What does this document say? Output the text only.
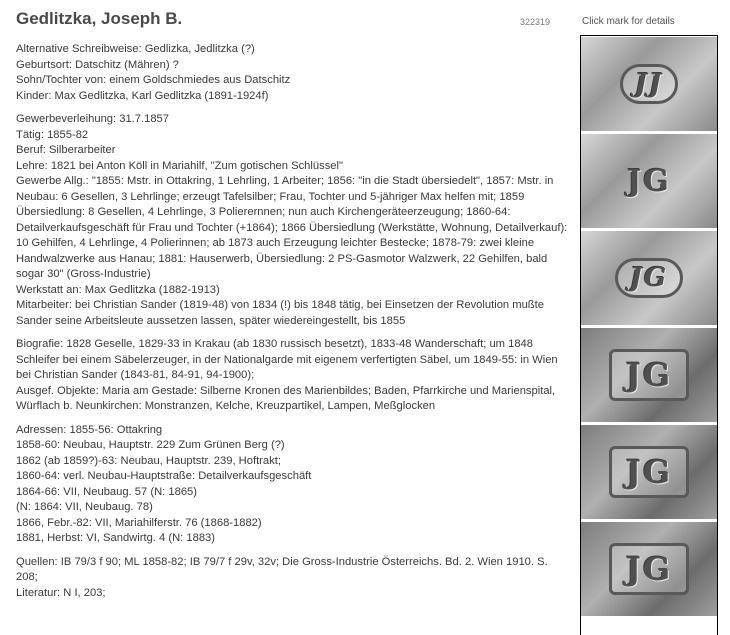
Gedlitzka, Joseph B.	322319	Click mark for details

Alternative Schreibweise: Gedlizka, Jedlitzka (?)

Geburtsort: Datschitz (Mähren) ?

Sohn/Tochter von: einem Goldschmiedes aus Datschitz

Kinder: Max Gedlitzka, Karl Gedlitzka (1891-1924f)

Gewerbeverleihung: 31.7.1857

Tätig: 1855-82

Beruf: Silberarbeiter

Lehre: 1821 bei Anton Köll in Mariahilf, "Zum gotischen Schlüssel"

Gewerbe Allg.: "1855: Mstr. in Ottakring, 1 Lehrling, 1 Arbeiter; 1856: "in die Stadt übersiedelt", 1857: Mstr. in Neubau: 6 Gesellen, 3 Lehrlinge; erzeugt Tafelsilber; Frau, Tochter und 5-jähriger Max helfen mit; 1859 Übersiedlung: 8 Gesellen, 4 Lehrlinge, 3 Polierernnen; nun auch Kirchengeräteerzeugung; 1860-64: Detailverkaufsgeschäft für Frau und Tochter (+1864); 1866 Übersiedlung (Werkstätte, Wohnung, Detailverkauf): 10 Gehilfen, 4 Lehrlinge, 4 Polierinnen; ab 1873 auch Erzeugung leichter Bestecke; 1878-79: zwei kleine Handwalzwerke aus Hanau; 1881: Hauserwerb, Übersiedlung: 2 PS-Gasmotor Walzwerk, 22 Gehilfen, bald sogar 30" (Gross-Industrie)

Werkstatt an: Max Gedlitzka (1882-1913)

Mitarbeiter: bei Christian Sander (1819-48) von 1834 (!) bis 1848 tätig, bei Einsetzen der Revolution mußte Sander seine Arbeitsleute aussetzen lassen, später wiedereingestellt, bis 1855

Biografie: 1828 Geselle, 1829-33 in Krakau (ab 1830 russisch besetzt), 1833-48 Wanderschaft; um 1848 Schleifer bei einem Säbelerzeuger, in der Nationalgarde mit eigenem verfertigten Säbel, um 1849-55: in Wien bei Christian Sander (1843-81, 84-91, 94-1900);

Ausgef. Objekte: Maria am Gestade: Silberne Kronen des Marienbildes; Baden, Pfarrkirche und Marienspital, Würflach b. Neunkirchen: Monstranzen, Kelche, Kreuzpartikel, Lampen, Meßglocken

Adressen: 1855-56: Ottakring

1858-60: Neubau, Hauptstr. 229 Zum Grünen Berg (?)

1862 (ab 1859?)-63: Neubau, Hauptstr. 239, Hoftrakt;

1860-64: verl. Neubau-Hauptstraße: Detailverkaufsgeschäft

1864-66: VII, Neubaug. 57 (N: 1865)

(N: 1864: VII, Neubaug. 78)

1866, Febr.-82: VII, Mariahilferstr. 76 (1868-1882)

1881, Herbst: VI, Sandwirtg. 4 (N: 1883)

Quellen: IB 79/3 f 90; ML 1858-82; IB 79/7 f 29v, 32v; Die Gross-Industrie Österreichs. Bd. 2. Wien 1910. S. 208;

Literatur: N I, 203;

JJ
JG
JG
JG
JG
JG
